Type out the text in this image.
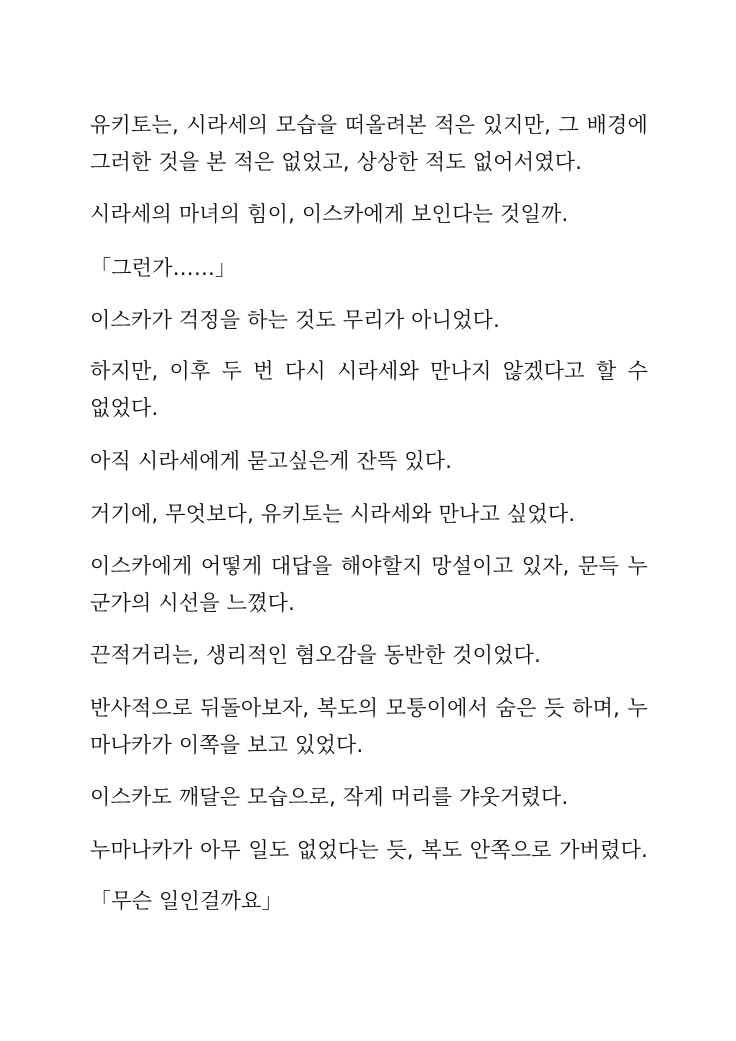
유키토는, 시라세의 모습을 떠올려본 적은 있지만, 그 배경에

그러한 것을 본 적은 없었고, 상상한 적도 없어서였다.

시라세의 마녀의 힘이, 이스카에게 보인다는 것일까.

「그런가……」

이스카가 걱정을 하는 것도 무리가 아니었다.

하지만, 이후 두 번 다시 시라세와 만나지 않겠다고 할 수

없었다.

아직 시라세에게 묻고싶은게 잔뜩 있다.

거기에, 무엇보다, 유키토는 시라세와 만나고 싶었다.

이스카에게 어떻게 대답을 해야할지 망설이고 있자, 문득 누

군가의 시선을 느꼈다.

끈적거리는, 생리적인 혐오감을 동반한 것이었다.

반사적으로 뒤돌아보자, 복도의 모퉁이에서 숨은 듯 하며, 누

마나카가 이쪽을 보고 있었다.

이스카도 깨달은 모습으로, 작게 머리를 갸웃거렸다.

누마나카가 아무 일도 없었다는 듯, 복도 안쪽으로 가버렸다.

「무슨 일인걸까요」
